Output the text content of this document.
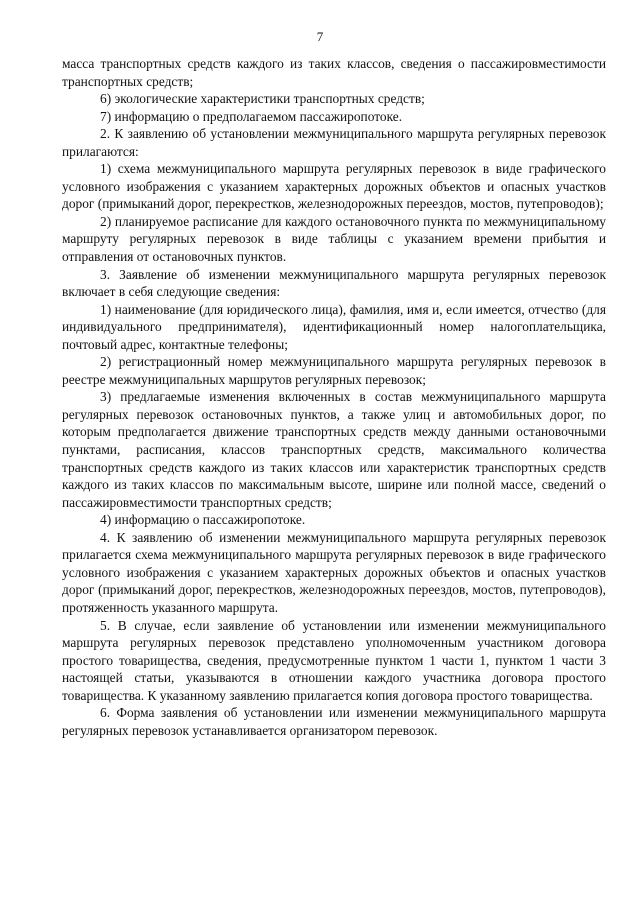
7

масса транспортных средств каждого из таких классов, сведения о пассажировместимости транспортных средств;

6) экологические характеристики транспортных средств;

7) информацию о предполагаемом пассажиропотоке.

2. К заявлению об установлении межмуниципального маршрута регулярных перевозок прилагаются:

1) схема межмуниципального маршрута регулярных перевозок в виде графического условного изображения с указанием характерных дорожных объектов и опасных участков дорог (примыканий дорог, перекрестков, железнодорожных переездов, мостов, путепроводов);

2) планируемое расписание для каждого остановочного пункта по межмуниципальному маршруту регулярных перевозок в виде таблицы с указанием времени прибытия и отправления от остановочных пунктов.

3. Заявление об изменении межмуниципального маршрута регулярных перевозок включает в себя следующие сведения:

1) наименование (для юридического лица), фамилия, имя и, если имеется, отчество (для индивидуального предпринимателя), идентификационный номер налогоплательщика, почтовый адрес, контактные телефоны;

2) регистрационный номер межмуниципального маршрута регулярных перевозок в реестре межмуниципальных маршрутов регулярных перевозок;

3) предлагаемые изменения включенных в состав межмуниципального маршрута регулярных перевозок остановочных пунктов, а также улиц и автомобильных дорог, по которым предполагается движение транспортных средств между данными остановочными пунктами, расписания, классов транспортных средств, максимального количества транспортных средств каждого из таких классов или характеристик транспортных средств каждого из таких классов по максимальным высоте, ширине или полной массе, сведений о пассажировместимости транспортных средств;

4) информацию о пассажиропотоке.

4. К заявлению об изменении межмуниципального маршрута регулярных перевозок прилагается схема межмуниципального маршрута регулярных перевозок в виде графического условного изображения с указанием характерных дорожных объектов и опасных участков дорог (примыканий дорог, перекрестков, железнодорожных переездов, мостов, путепроводов), протяженность указанного маршрута.

5. В случае, если заявление об установлении или изменении межмуниципального маршрута регулярных перевозок представлено уполномоченным участником договора простого товарищества, сведения, предусмотренные пунктом 1 части 1, пунктом 1 части 3 настоящей статьи, указываются в отношении каждого участника договора простого товарищества. К указанному заявлению прилагается копия договора простого товарищества.

6. Форма заявления об установлении или изменении межмуниципального маршрута регулярных перевозок устанавливается организатором перевозок.
